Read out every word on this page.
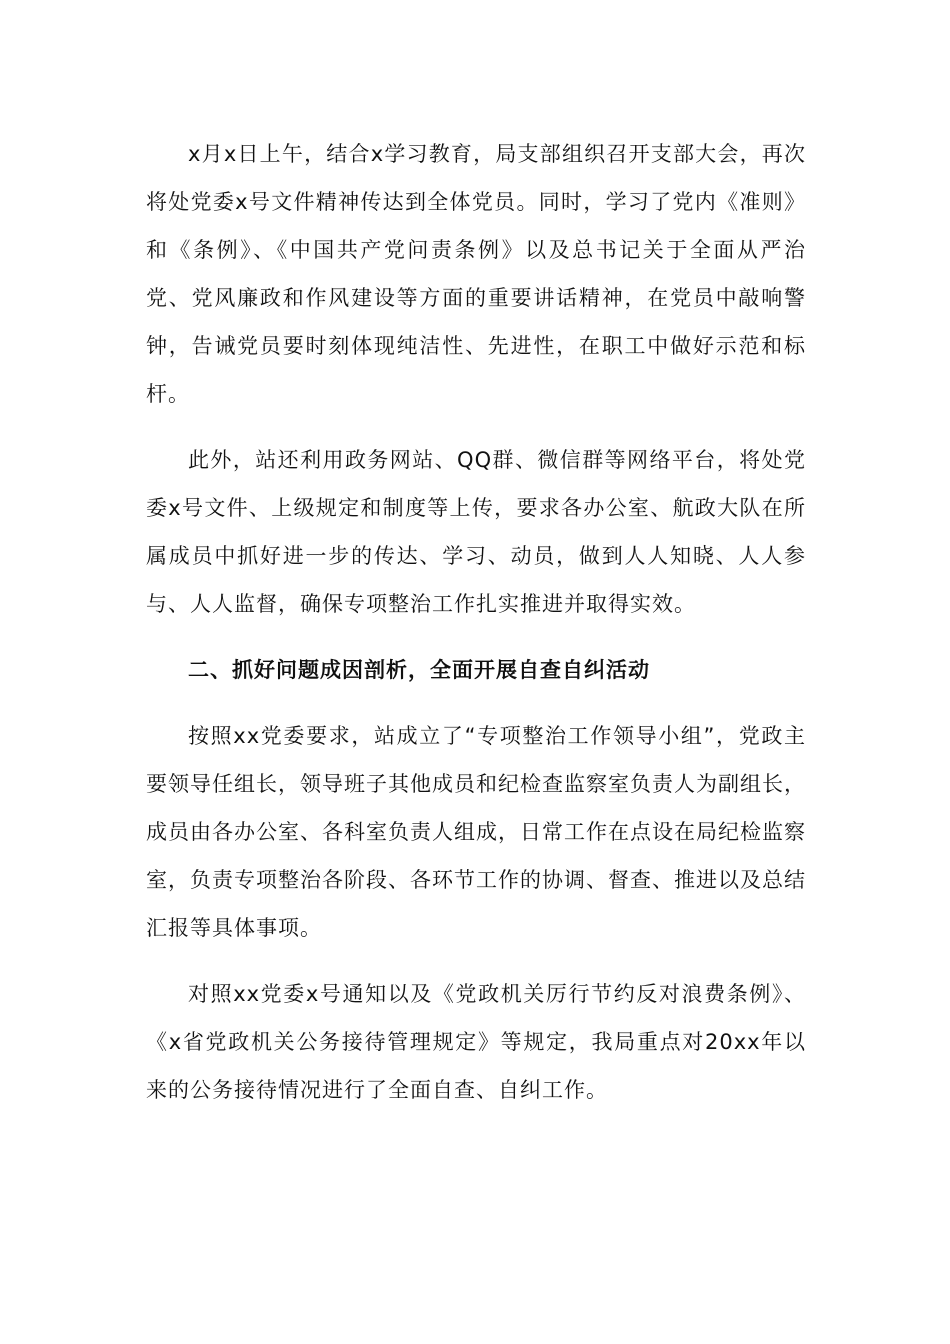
x月x日上午，结合x学习教育，局支部组织召开支部大会，再次将处党委x号文件精神传达到全体党员。同时，学习了党内《准则》和《条例》、《中国共产党问责条例》以及总书记关于全面从严治党、党风廉政和作风建设等方面的重要讲话精神，在党员中敲响警钟，告诫党员要时刻体现纯洁性、先进性，在职工中做好示范和标杆。

此外，站还利用政务网站、QQ群、微信群等网络平台，将处党委x号文件、上级规定和制度等上传，要求各办公室、航政大队在所属成员中抓好进一步的传达、学习、动员，做到人人知晓、人人参与、人人监督，确保专项整治工作扎实推进并取得实效。

二、抓好问题成因剖析，全面开展自查自纠活动

按照xx党委要求，站成立了“专项整治工作领导小组”，党政主要领导任组长，领导班子其他成员和纪检查监察室负责人为副组长，成员由各办公室、各科室负责人组成，日常工作在点设在局纪检监察室，负责专项整治各阶段、各环节工作的协调、督查、推进以及总结汇报等具体事项。

对照xx党委x号通知以及《党政机关厉行节约反对浪费条例》、《x省党政机关公务接待管理规定》等规定，我局重点对20xx年以来的公务接待情况进行了全面自查、自纠工作。
